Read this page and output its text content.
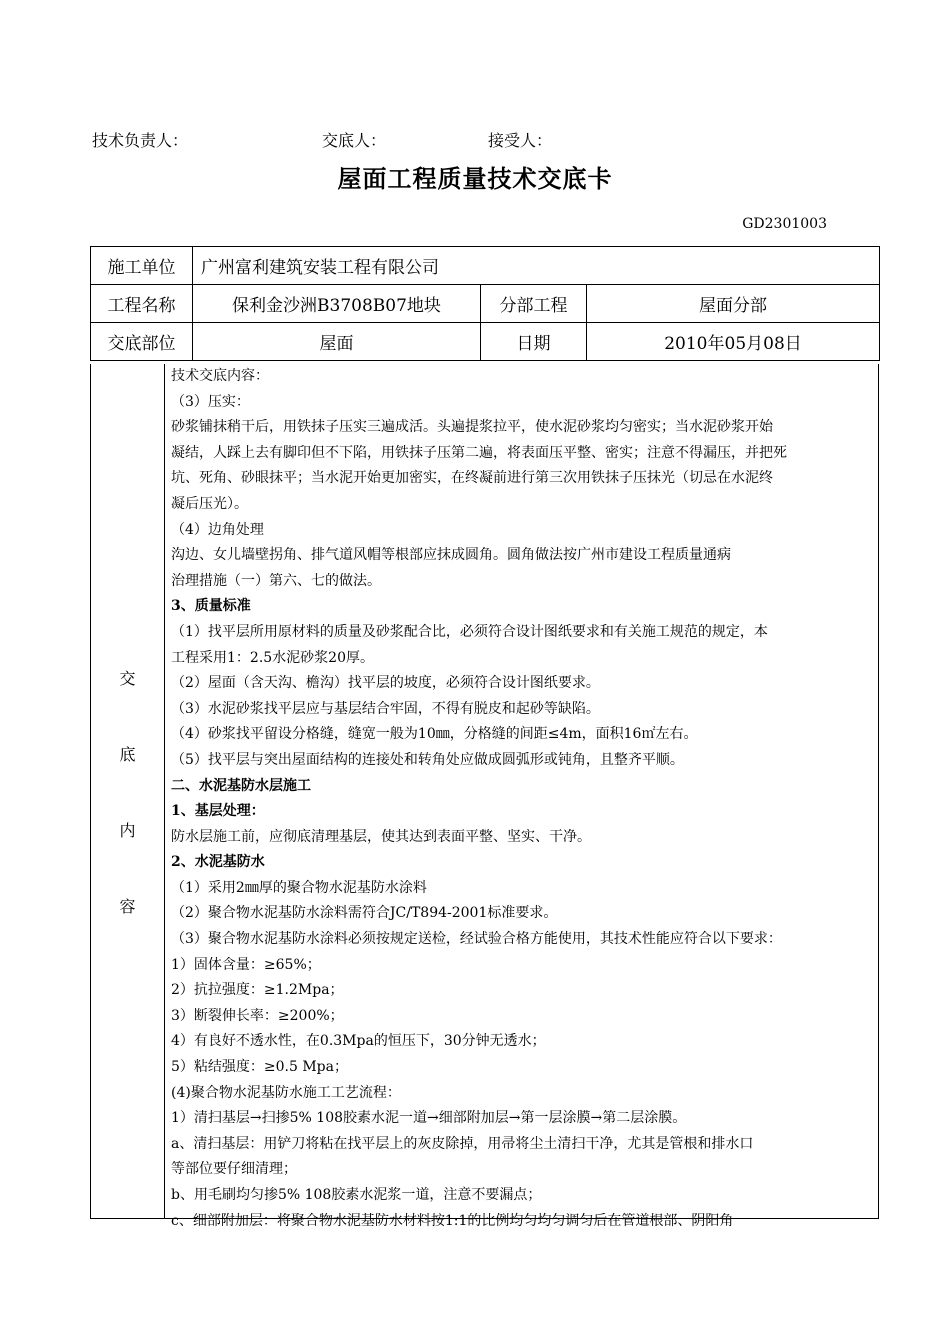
技术负责人：	交底人：	接受人：
屋面工程质量技术交底卡
GD2301003
施工单位	广州富利建筑安装工程有限公司		
工程名称	保利金沙洲B3708B07地块	分部工程	屋面分部
交底部位	屋面	日期	2010年05月08日
交
底
内
容
技术交底内容：
（3）压实：
砂浆铺抹稍干后，用铁抹子压实三遍成活。头遍提浆拉平，使水泥砂浆均匀密实；当水泥砂浆开始
凝结，人踩上去有脚印但不下陷，用铁抹子压第二遍，将表面压平整、密实；注意不得漏压，并把死
坑、死角、砂眼抹平；当水泥开始更加密实，在终凝前进行第三次用铁抹子压抹光（切忌在水泥终
凝后压光）。
（4）边角处理
沟边、女儿墙壁拐角、排气道风帽等根部应抹成圆角。圆角做法按广州市建设工程质量通病
治理措施（一）第六、七的做法。
3、质量标准
（1）找平层所用原材料的质量及砂浆配合比，必须符合设计图纸要求和有关施工规范的规定，本
工程采用1：2.5水泥砂浆20厚。
（2）屋面（含天沟、檐沟）找平层的坡度，必须符合设计图纸要求。
（3）水泥砂浆找平层应与基层结合牢固，不得有脱皮和起砂等缺陷。
（4）砂浆找平留设分格缝，缝宽一般为10㎜，分格缝的间距≤4m，面积16㎡左右。
（5）找平层与突出屋面结构的连接处和转角处应做成圆弧形或钝角，且整齐平顺。
二、水泥基防水层施工
1、基层处理：
防水层施工前，应彻底清理基层，使其达到表面平整、坚实、干净。
2、水泥基防水
（1）采用2㎜厚的聚合物水泥基防水涂料
（2）聚合物水泥基防水涂料需符合JC/T894-2001标准要求。
（3）聚合物水泥基防水涂料必须按规定送检，经试验合格方能使用，其技术性能应符合以下要求：
1）固体含量：≥65%；
2）抗拉强度：≥1.2Mpa；
3）断裂伸长率：≥200%；
4）有良好不透水性，在0.3Mpa的恒压下，30分钟无透水；
5）粘结强度：≥0.5 Mpa；
(4)聚合物水泥基防水施工工艺流程：
1）清扫基层→扫掺5% 108胶素水泥一道→细部附加层→第一层涂膜→第二层涂膜。
a、清扫基层：用铲刀将粘在找平层上的灰皮除掉，用帚将尘土清扫干净，尤其是管根和排水口
等部位要仔细清理；
b、用毛刷均匀掺5% 108胶素水泥浆一道，注意不要漏点；
c、细部附加层：将聚合物水泥基防水材料按1:1的比例均匀均匀调匀后在管道根部、阴阳角
